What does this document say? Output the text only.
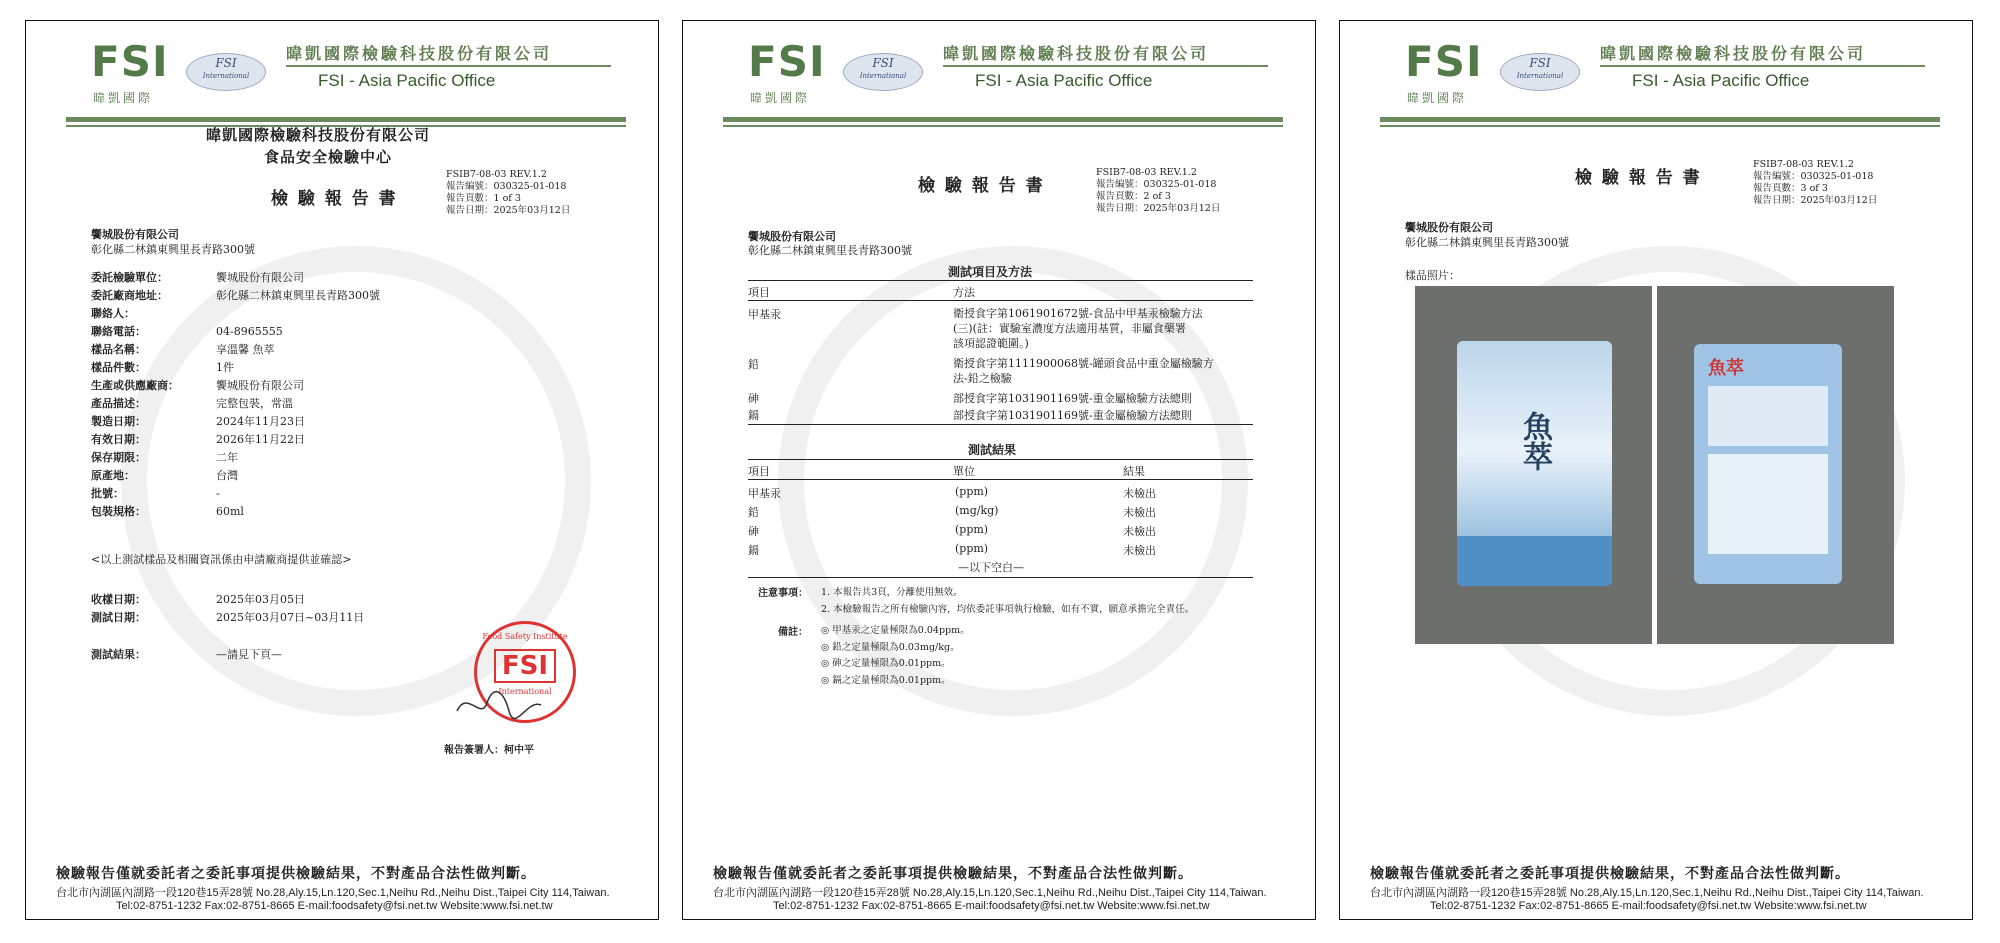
FSI
暐凱國際
FSI
International
暐凱國際檢驗科技股份有限公司
FSI - Asia Pacific Office
暐凱國際檢驗科技股份有限公司
食品安全檢驗中心
檢 驗 報 告 書
FSIB7-08-03 REV.1.2
報告編號：030325-01-018
報告頁數：1 of 3
報告日期：2025年03月12日
饗城股份有限公司
彰化縣二林鎮東興里長青路300號
委託檢驗單位：	饗城股份有限公司
委託廠商地址：	彰化縣二林鎮東興里長青路300號
聯絡人：
聯絡電話：	04-8965555
樣品名稱：	享溫馨 魚萃
樣品件數：	1件
生產或供應廠商：	饗城股份有限公司
產品描述：	完整包裝，常溫
製造日期：	2024年11月23日
有效日期：	2026年11月22日
保存期限：	二年
原產地：	台灣
批號：	-
包裝規格：	60ml
<以上測試樣品及相關資訊係由申請廠商提供並確認>
收樣日期：	2025年03月05日
測試日期：	2025年03月07日~03月11日
測試結果：	—請見下頁—
Food Safety Institute
FSI
International
報告簽署人：柯中平
檢驗報告僅就委託者之委託事項提供檢驗結果，不對產品合法性做判斷。
台北市內湖區內湖路一段120巷15弄28號 No.28,Aly.15,Ln.120,Sec.1,Neihu Rd.,Neihu Dist.,Taipei City 114,Taiwan.
Tel:02-8751-1232 Fax:02-8751-8665 E-mail:foodsafety@fsi.net.tw Website:www.fsi.net.tw
FSI
暐凱國際
FSI
International
暐凱國際檢驗科技股份有限公司
FSI - Asia Pacific Office
檢 驗 報 告 書
FSIB7-08-03 REV.1.2
報告編號：030325-01-018
報告頁數：2 of 3
報告日期：2025年03月12日
饗城股份有限公司
彰化縣二林鎮東興里長青路300號
測試項目及方法
項目	方法
甲基汞	衛授食字第1061901672號-食品中甲基汞檢驗方法
(三)(註：實驗室濃度方法適用基質，非屬食藥署
該項認證範圍。)
鉛	衛授食字第1111900068號-罐頭食品中重金屬檢驗方
法-鉛之檢驗
砷	部授食字第1031901169號-重金屬檢驗方法總則
鎘	部授食字第1031901169號-重金屬檢驗方法總則
測試結果
項目	單位	結果
甲基汞	(ppm)	未檢出
鉛	(mg/kg)	未檢出
砷	(ppm)	未檢出
鎘	(ppm)	未檢出
—以下空白—
注意事項： 1. 本報告共3頁，分離使用無效。
2. 本檢驗報告之所有檢驗內容，均依委託事項執行檢驗，如有不實，願意承擔完全責任。
備註： ◎ 甲基汞之定量極限為0.04ppm。
◎ 鉛之定量極限為0.03mg/kg。
◎ 砷之定量極限為0.01ppm。
◎ 鎘之定量極限為0.01ppm。
檢驗報告僅就委託者之委託事項提供檢驗結果，不對產品合法性做判斷。
台北市內湖區內湖路一段120巷15弄28號 No.28,Aly.15,Ln.120,Sec.1,Neihu Rd.,Neihu Dist.,Taipei City 114,Taiwan.
Tel:02-8751-1232 Fax:02-8751-8665 E-mail:foodsafety@fsi.net.tw Website:www.fsi.net.tw
FSI
暐凱國際
FSI
International
暐凱國際檢驗科技股份有限公司
FSI - Asia Pacific Office
檢 驗 報 告 書
FSIB7-08-03 REV.1.2
報告編號：030325-01-018
報告頁數：3 of 3
報告日期：2025年03月12日
饗城股份有限公司
彰化縣二林鎮東興里長青路300號
樣品照片：
魚萃
魚萃
檢驗報告僅就委託者之委託事項提供檢驗結果，不對產品合法性做判斷。
台北市內湖區內湖路一段120巷15弄28號 No.28,Aly.15,Ln.120,Sec.1,Neihu Rd.,Neihu Dist.,Taipei City 114,Taiwan.
Tel:02-8751-1232 Fax:02-8751-8665 E-mail:foodsafety@fsi.net.tw Website:www.fsi.net.tw
